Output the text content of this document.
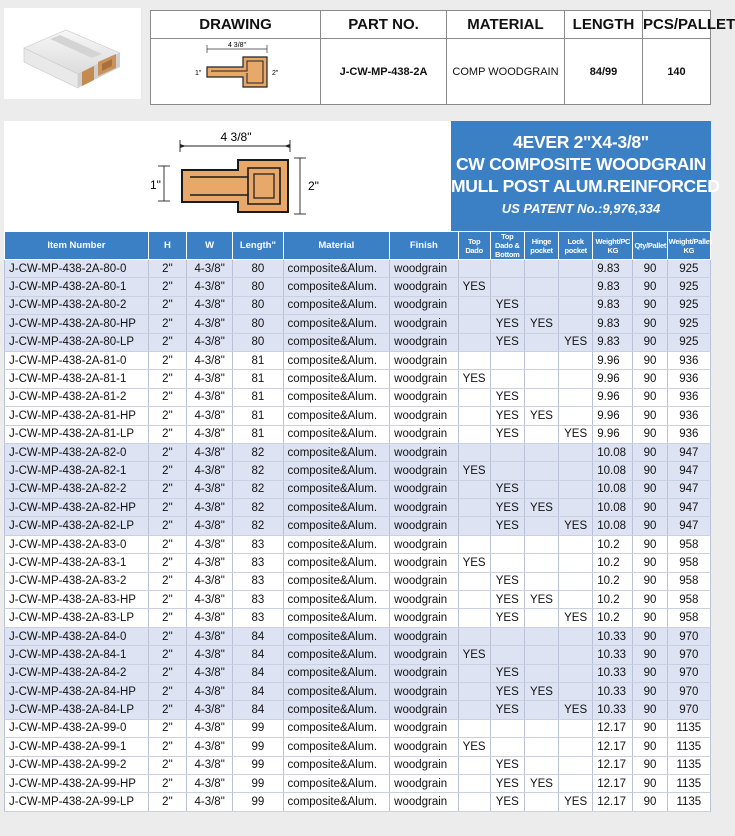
DRAWING	PART NO.	MATERIAL	LENGTH	PCS/PALLET

4 3/8"
1" 2"	J-CW-MP-438-2A	COMP WOODGRAIN	84/99	140
4 3/8"
1"	2"
4EVER 2"X4-3/8"
CW COMPOSITE WOODGRAIN
MULL POST ALUM.REINFORCED
US PATENT No.:9,976,334
Item Number	H	W	Length"	Material	Finish	Top Dado	Top Dado & Bottom	Hinge pocket	Lock pocket	Weight/PC KG	Qty/Pallet	Weight/Pallet KG
J-CW-MP-438-2A-80-0	2"	4-3/8"	80	composite&Alum.	woodgrain					9.83	90	925
J-CW-MP-438-2A-80-1	2"	4-3/8"	80	composite&Alum.	woodgrain	YES				9.83	90	925
J-CW-MP-438-2A-80-2	2"	4-3/8"	80	composite&Alum.	woodgrain		YES			9.83	90	925
J-CW-MP-438-2A-80-HP	2"	4-3/8"	80	composite&Alum.	woodgrain		YES	YES		9.83	90	925
J-CW-MP-438-2A-80-LP	2"	4-3/8"	80	composite&Alum.	woodgrain		YES		YES	9.83	90	925
J-CW-MP-438-2A-81-0	2"	4-3/8"	81	composite&Alum.	woodgrain					9.96	90	936
J-CW-MP-438-2A-81-1	2"	4-3/8"	81	composite&Alum.	woodgrain	YES				9.96	90	936
J-CW-MP-438-2A-81-2	2"	4-3/8"	81	composite&Alum.	woodgrain		YES			9.96	90	936
J-CW-MP-438-2A-81-HP	2"	4-3/8"	81	composite&Alum.	woodgrain		YES	YES		9.96	90	936
J-CW-MP-438-2A-81-LP	2"	4-3/8"	81	composite&Alum.	woodgrain		YES		YES	9.96	90	936
J-CW-MP-438-2A-82-0	2"	4-3/8"	82	composite&Alum.	woodgrain					10.08	90	947
J-CW-MP-438-2A-82-1	2"	4-3/8"	82	composite&Alum.	woodgrain	YES				10.08	90	947
J-CW-MP-438-2A-82-2	2"	4-3/8"	82	composite&Alum.	woodgrain		YES			10.08	90	947
J-CW-MP-438-2A-82-HP	2"	4-3/8"	82	composite&Alum.	woodgrain		YES	YES		10.08	90	947
J-CW-MP-438-2A-82-LP	2"	4-3/8"	82	composite&Alum.	woodgrain		YES		YES	10.08	90	947
J-CW-MP-438-2A-83-0	2"	4-3/8"	83	composite&Alum.	woodgrain					10.2	90	958
J-CW-MP-438-2A-83-1	2"	4-3/8"	83	composite&Alum.	woodgrain	YES				10.2	90	958
J-CW-MP-438-2A-83-2	2"	4-3/8"	83	composite&Alum.	woodgrain		YES			10.2	90	958
J-CW-MP-438-2A-83-HP	2"	4-3/8"	83	composite&Alum.	woodgrain		YES	YES		10.2	90	958
J-CW-MP-438-2A-83-LP	2"	4-3/8"	83	composite&Alum.	woodgrain		YES		YES	10.2	90	958
J-CW-MP-438-2A-84-0	2"	4-3/8"	84	composite&Alum.	woodgrain					10.33	90	970
J-CW-MP-438-2A-84-1	2"	4-3/8"	84	composite&Alum.	woodgrain	YES				10.33	90	970
J-CW-MP-438-2A-84-2	2"	4-3/8"	84	composite&Alum.	woodgrain		YES			10.33	90	970
J-CW-MP-438-2A-84-HP	2"	4-3/8"	84	composite&Alum.	woodgrain		YES	YES		10.33	90	970
J-CW-MP-438-2A-84-LP	2"	4-3/8"	84	composite&Alum.	woodgrain		YES		YES	10.33	90	970
J-CW-MP-438-2A-99-0	2"	4-3/8"	99	composite&Alum.	woodgrain					12.17	90	1135
J-CW-MP-438-2A-99-1	2"	4-3/8"	99	composite&Alum.	woodgrain	YES				12.17	90	1135
J-CW-MP-438-2A-99-2	2"	4-3/8"	99	composite&Alum.	woodgrain		YES			12.17	90	1135
J-CW-MP-438-2A-99-HP	2"	4-3/8"	99	composite&Alum.	woodgrain		YES	YES		12.17	90	1135
J-CW-MP-438-2A-99-LP	2"	4-3/8"	99	composite&Alum.	woodgrain		YES		YES	12.17	90	1135
